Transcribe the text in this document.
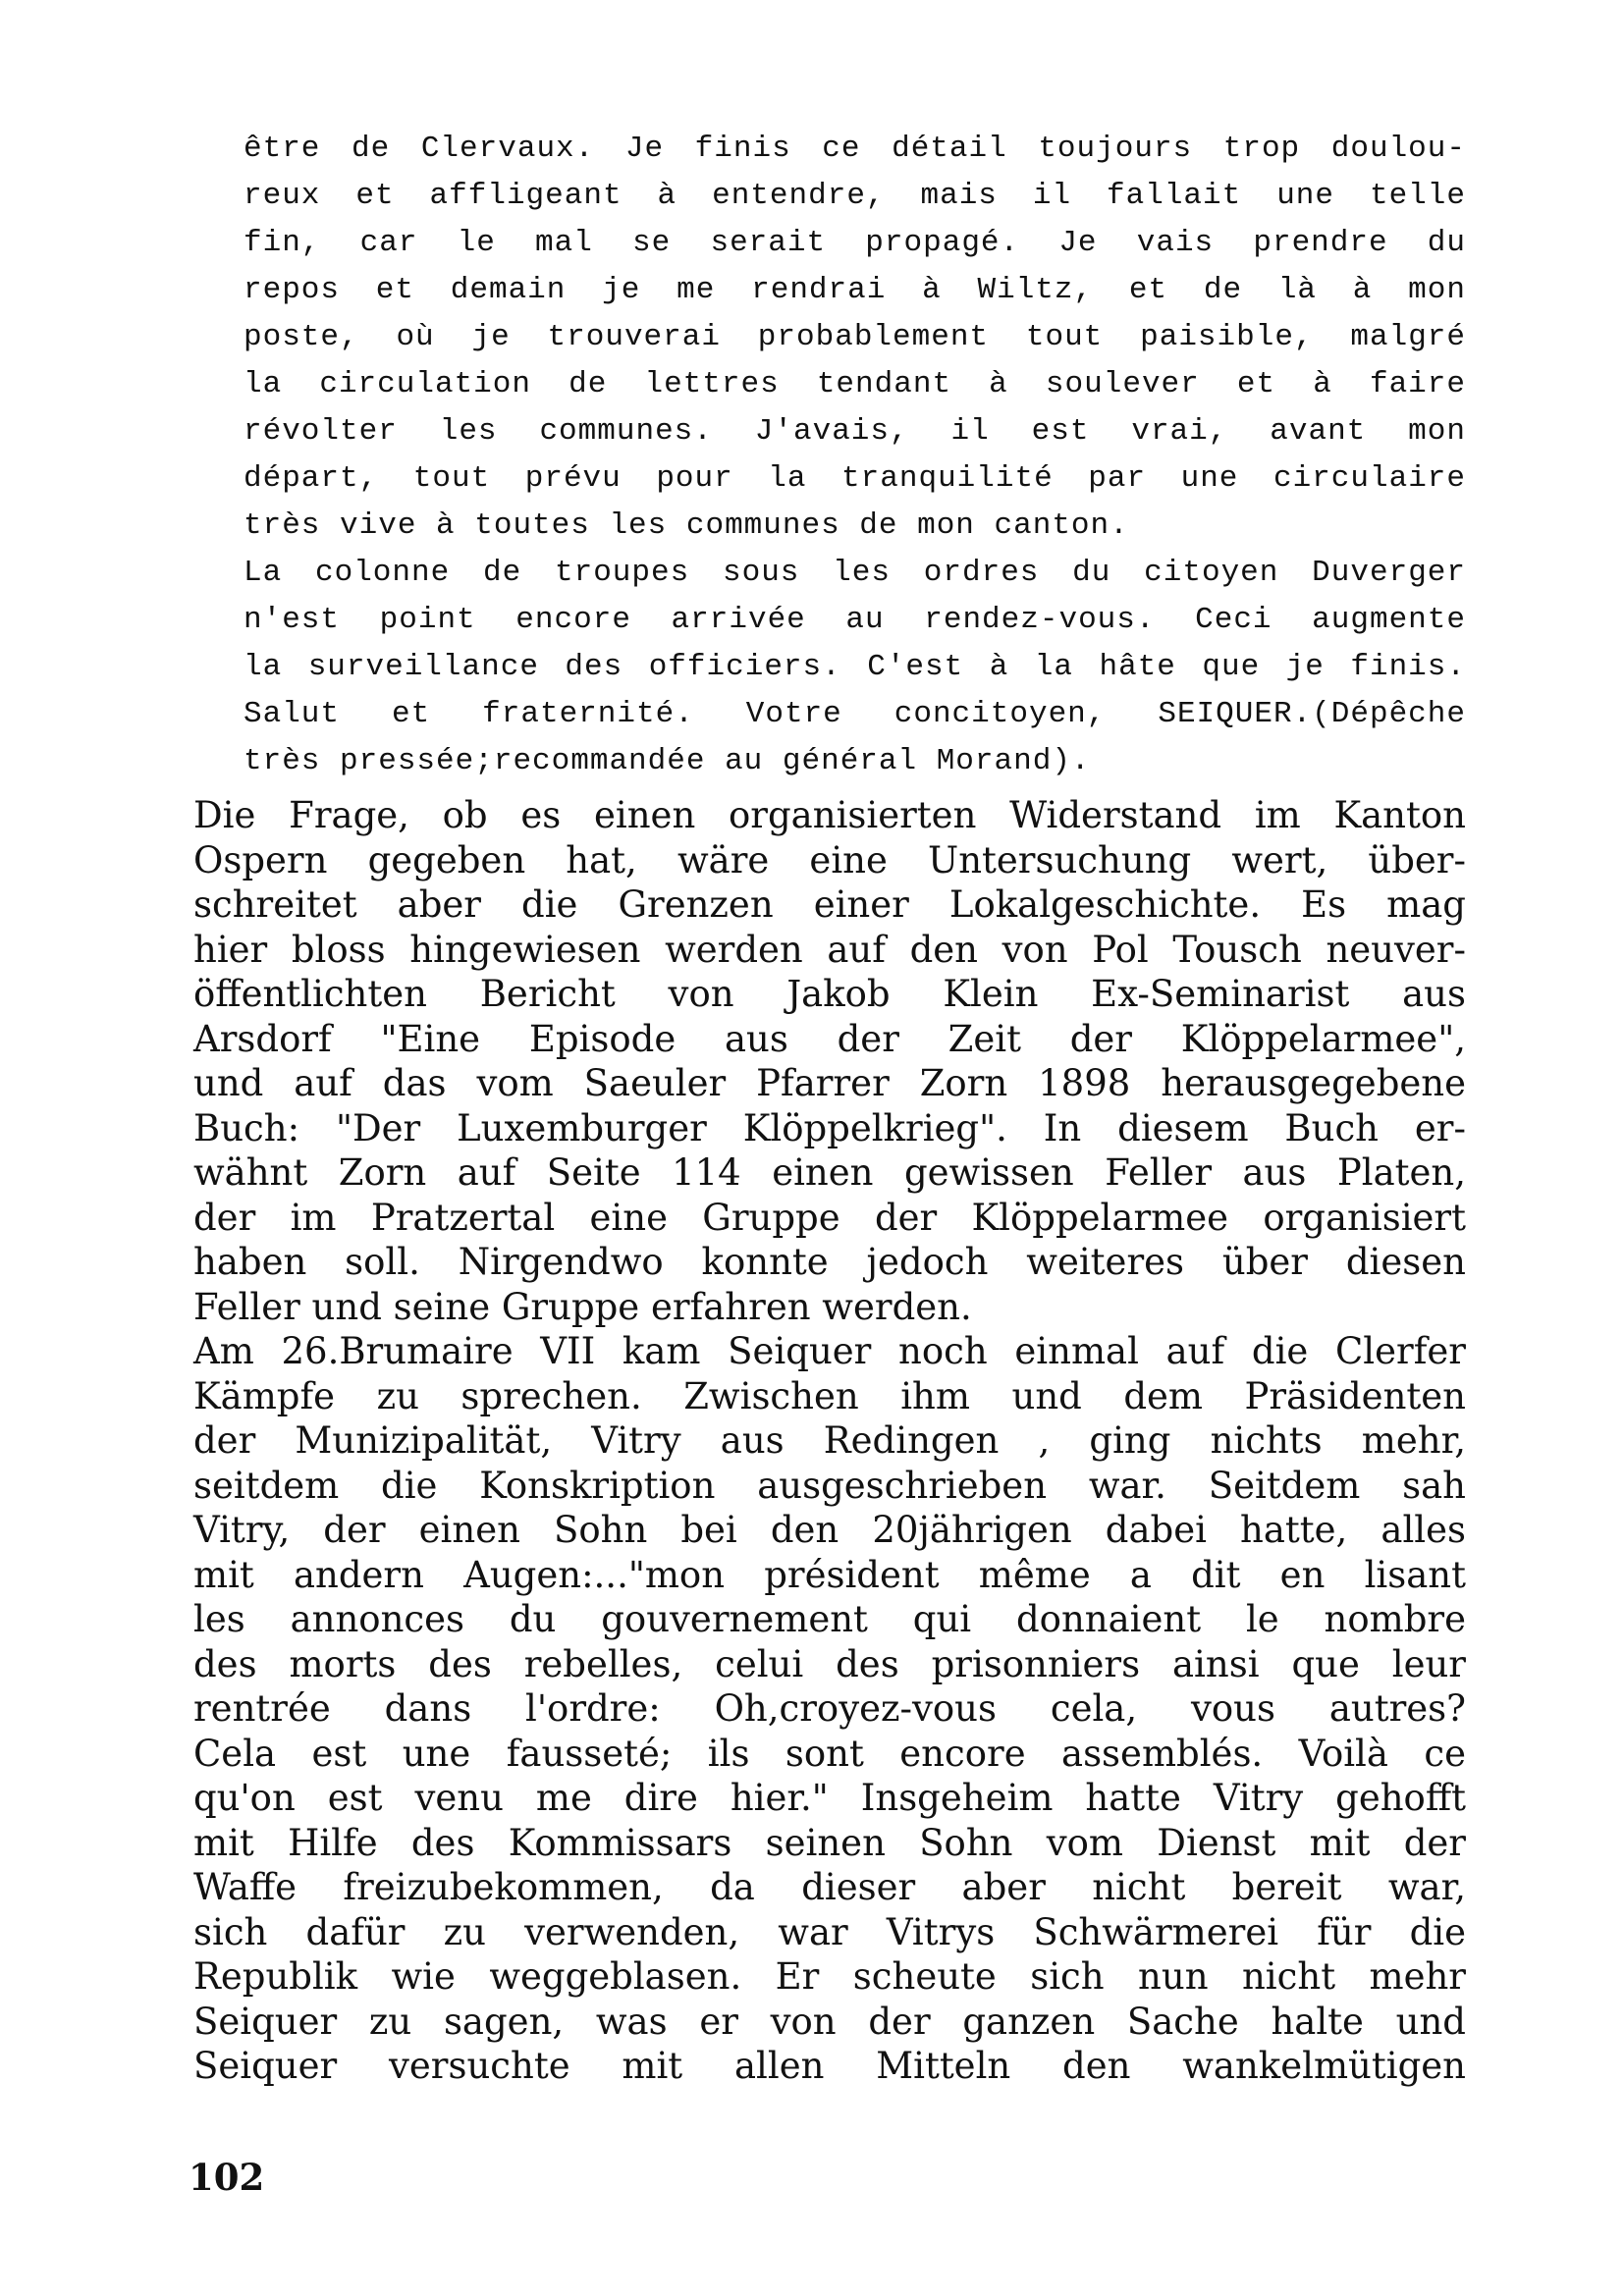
être de Clervaux. Je finis ce détail toujours trop doulou-
reux et affligeant à entendre, mais il fallait une telle
fin, car le mal se serait propagé. Je vais prendre du
repos et demain je me rendrai à Wiltz, et de là à mon
poste, où je trouverai probablement tout paisible, malgré
la circulation de lettres tendant à soulever et à faire
révolter les communes. J'avais, il est vrai, avant mon
départ, tout prévu pour la tranquilité par une circulaire
très vive à toutes les communes de mon canton.
La colonne de troupes sous les ordres du citoyen Duverger
n'est point encore arrivée au rendez-vous. Ceci augmente
la surveillance des officiers. C'est à la hâte que je finis.
Salut et fraternité. Votre concitoyen, SEIQUER.(Dépêche
très pressée;recommandée au général Morand).
Die Frage, ob es einen organisierten Widerstand im Kanton
Ospern gegeben hat, wäre eine Untersuchung wert, über-
schreitet aber die Grenzen einer Lokalgeschichte. Es mag
hier bloss hingewiesen werden auf den von Pol Tousch neuver-
öffentlichten Bericht von Jakob Klein Ex-Seminarist aus
Arsdorf "Eine Episode aus der Zeit der Klöppelarmee",
und auf das vom Saeuler Pfarrer Zorn 1898 herausgegebene
Buch: "Der Luxemburger Klöppelkrieg". In diesem Buch er-
wähnt Zorn auf Seite 114 einen gewissen Feller aus Platen,
der im Pratzertal eine Gruppe der Klöppelarmee organisiert
haben soll. Nirgendwo konnte jedoch weiteres über diesen
Feller und seine Gruppe erfahren werden.
Am 26.Brumaire VII kam Seiquer noch einmal auf die Clerfer
Kämpfe zu sprechen. Zwischen ihm und dem Präsidenten
der Munizipalität, Vitry aus Redingen , ging nichts mehr,
seitdem die Konskription ausgeschrieben war. Seitdem sah
Vitry, der einen Sohn bei den 20jährigen dabei hatte, alles
mit andern Augen:..."mon président même a dit en lisant
les annonces du gouvernement qui donnaient le nombre
des morts des rebelles, celui des prisonniers ainsi que leur
rentrée dans l'ordre: Oh,croyez-vous cela, vous autres?
Cela est une fausseté; ils sont encore assemblés. Voilà ce
qu'on est venu me dire hier." Insgeheim hatte Vitry gehofft
mit Hilfe des Kommissars seinen Sohn vom Dienst mit der
Waffe freizubekommen, da dieser aber nicht bereit war,
sich dafür zu verwenden, war Vitrys Schwärmerei für die
Republik wie weggeblasen. Er scheute sich nun nicht mehr
Seiquer zu sagen, was er von der ganzen Sache halte und
Seiquer versuchte mit allen Mitteln den wankelmütigen
102
